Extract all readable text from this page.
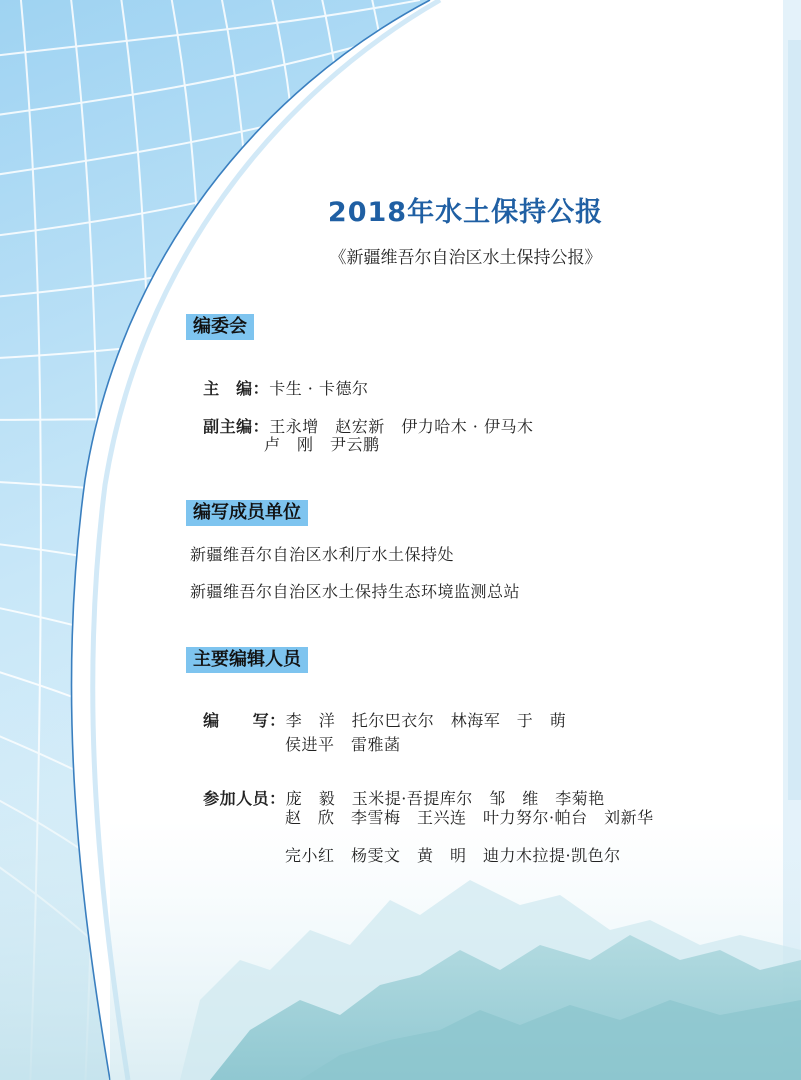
2018年水土保持公报
《新疆维吾尔自治区水土保持公报》
编委会

主　编：卡生 · 卡德尔

副主编：王永增　赵宏新　伊力哈木 · 伊马木

卢　刚　尹云鹏
编写成员单位
新疆维吾尔自治区水利厅水土保持处
新疆维吾尔自治区水土保持生态环境监测总站
主要编辑人员

编　　写：李　洋　托尔巴衣尔　林海军　于　萌

侯进平　雷雅菡

参加人员：庞　毅　玉米提·吾提库尔　邹　维　李菊艳

赵　欣　李雪梅　王兴连　叶力努尔·帕台　刘新华
完小红　杨雯文　黄　明　迪力木拉提·凯色尔
